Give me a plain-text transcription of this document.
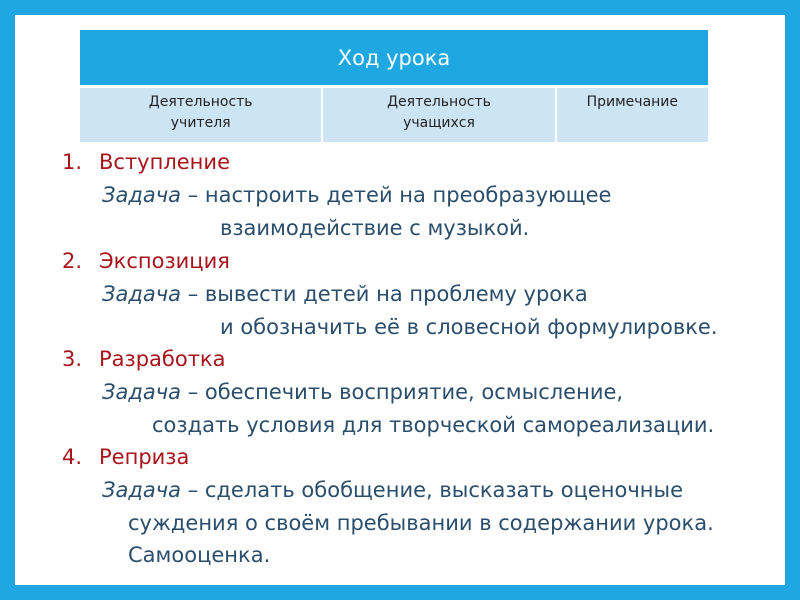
Ход урока
Деятельность учителя
Деятельность учащихся
Примечание
1. Вступление
Задача – настроить детей на преобразующее
взаимодействие с музыкой.
2. Экспозиция
Задача – вывести детей на проблему урока
и обозначить её в словесной формулировке.
3. Разработка
Задача – обеспечить восприятие, осмысление,
создать условия для творческой самореализации.
4. Реприза
Задача – сделать обобщение, высказать оценочные
суждения о своём пребывании в содержании урока.
Самооценка.
